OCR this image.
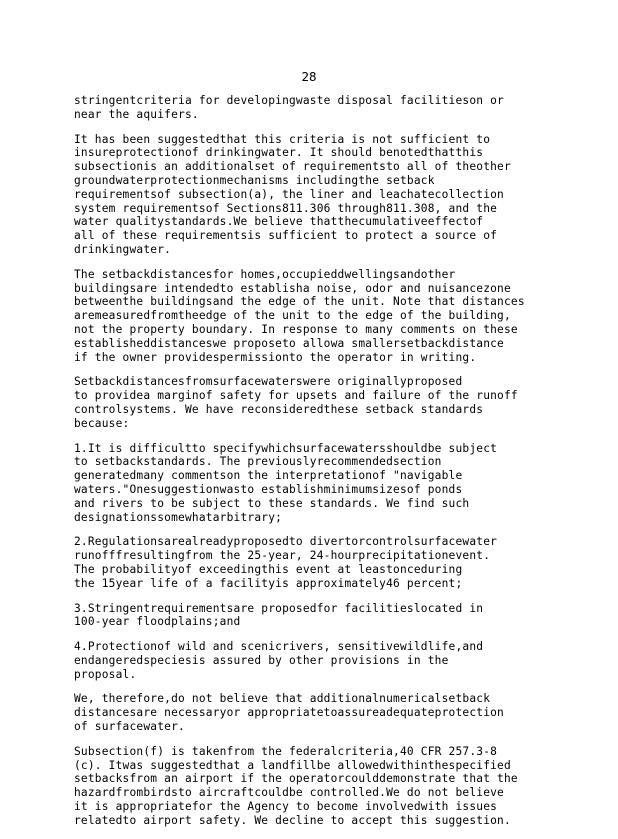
28

stringentcriteria for developingwaste disposal facilitieson or
near the aquifers.

It has been suggestedthat this criteria is not sufficient to
insureprotectionof drinkingwater. It should benotedthatthis
subsectionis an additionalset of requirementsto all of theother
groundwaterprotectionmechanisms includingthe setback
requirementsof subsection(a), the liner and leachatecollection
system requirementsof Sections811.306 through811.308, and the
water qualitystandards.We believe thatthecumulativeeffectof
all of these requirementsis sufficient to protect a source of
drinkingwater.

The setbackdistancesfor homes,occupieddwellingsandother
buildingsare intendedto establisha noise, odor and nuisancezone
betweenthe buildingsand the edge of the unit. Note that distances
aremeasuredfromtheedge of the unit to the edge of the building,
not the property boundary. In response to many comments on these
establisheddistanceswe proposeto allowa smallersetbackdistance
if the owner providespermissionto the operator in writing.

Setbackdistancesfromsurfacewaterswere originallyproposed
to providea marginof safety for upsets and failure of the runoff
controlsystems. We have reconsideredthese setback standards
because:

1.It is difficultto specifywhichsurfacewatersshouldbe subject
to setbackstandards. The previouslyrecommendedsection
generatedmany commentson the interpretationof "navigable
waters."Onesuggestionwasto establishminimumsizesof ponds
and rivers to be subject to these standards. We find such
designationssomewhatarbitrary;

2.Regulationsarealreadyproposedto divertorcontrolsurfacewater
runofffresultingfrom the 25-year, 24-hourprecipitationevent.
The probabilityof exceedingthis event at leastonceduring
the 15year life of a facilityis approximately46 percent;

3.Stringentrequirementsare proposedfor facilitieslocated in
100-year floodplains;and

4.Protectionof wild and scenicrivers, sensitivewildlife,and
endangeredspeciesis assured by other provisions in the
proposal.

We, therefore,do not believe that additionalnumericalsetback
distancesare necessaryor appropriatetoassureadequateprotection
of surfacewater.

Subsection(f) is takenfrom the federalcriteria,40 CFR 257.3-8
(c). Itwas suggestedthat a landfillbe allowedwithinthespecified
setbacksfrom an airport if the operatorcoulddemonstrate that the
hazardfrombirdsto aircraftcouldbe controlled.We do not believe
it is appropriatefor the Agency to become involvedwith issues
relatedto airport safety. We decline to accept this suggestion.
